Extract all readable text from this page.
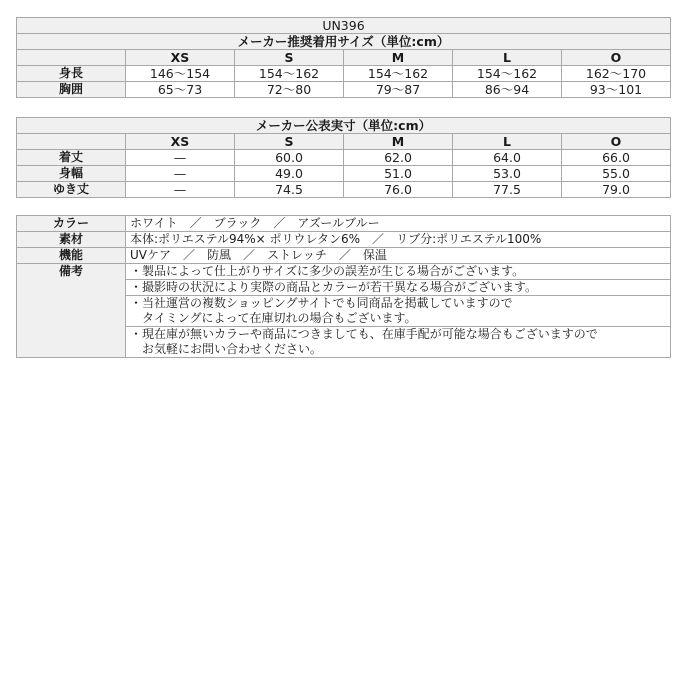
UN396					
メーカー推奨着用サイズ（単位:cm）					
	XS	S	M	L	O
身長	146～154	154～162	154～162	154～162	162～170
胸囲	65～73	72～80	79～87	86～94	93～101
メーカー公表実寸（単位:cm）					
	XS	S	M	L	O
着丈	—	60.0	62.0	64.0	66.0
身幅	—	49.0	51.0	53.0	55.0
ゆき丈	—	74.5	76.0	77.5	79.0
カラー	ホワイト　／　ブラック　／　アズールブルー
素材	本体:ポリエステル94%× ポリウレタン6%　／　リブ分:ポリエステル100%
機能	UVケア　／　防風　／　ストレッチ　／　保温
備考	・製品によって仕上がりサイズに多少の誤差が生じる場合がございます。

	・撮影時の状況により実際の商品とカラーが若干異なる場合がございます。

	・当社運営の複数ショッピングサイトでも同商品を掲載していますので
　タイミングによって在庫切れの場合もございます。

	・現在庫が無いカラーや商品につきましても、在庫手配が可能な場合もございますので
　お気軽にお問い合わせください。
